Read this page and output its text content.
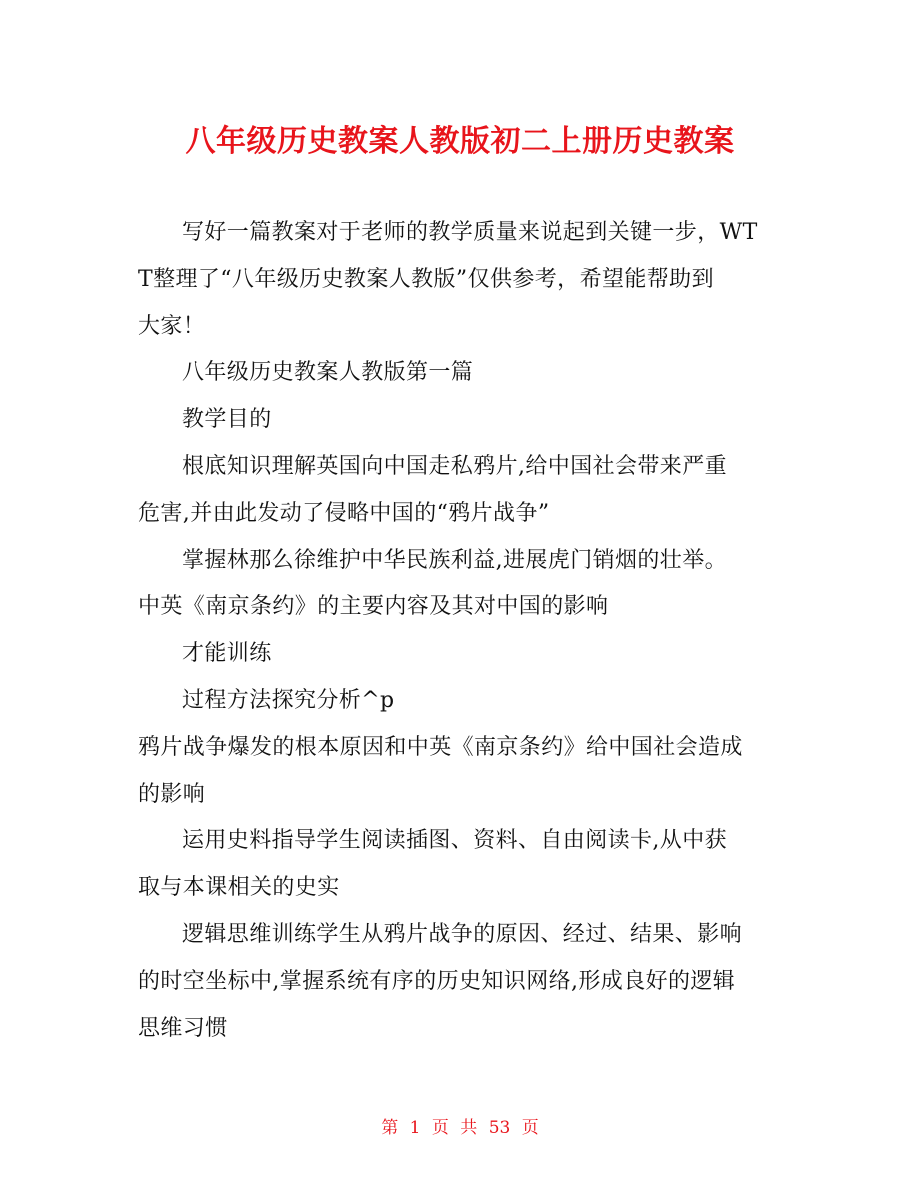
八年级历史教案人教版初二上册历史教案
写好一篇教案对于老师的教学质量来说起到关键一步，WT
T整理了“八年级历史教案人教版”仅供参考，希望能帮助到
大家！
八年级历史教案人教版第一篇
教学目的
根底知识理解英国向中国走私鸦片,给中国社会带来严重
危害,并由此发动了侵略中国的“鸦片战争”
掌握林那么徐维护中华民族利益,进展虎门销烟的壮举。
中英《南京条约》的主要内容及其对中国的影响
才能训练
过程方法探究分析^p
鸦片战争爆发的根本原因和中英《南京条约》给中国社会造成
的影响
运用史料指导学生阅读插图、资料、自由阅读卡,从中获
取与本课相关的史实
逻辑思维训练学生从鸦片战争的原因、经过、结果、影响
的时空坐标中,掌握系统有序的历史知识网络,形成良好的逻辑
思维习惯
第 1 页 共 53 页
